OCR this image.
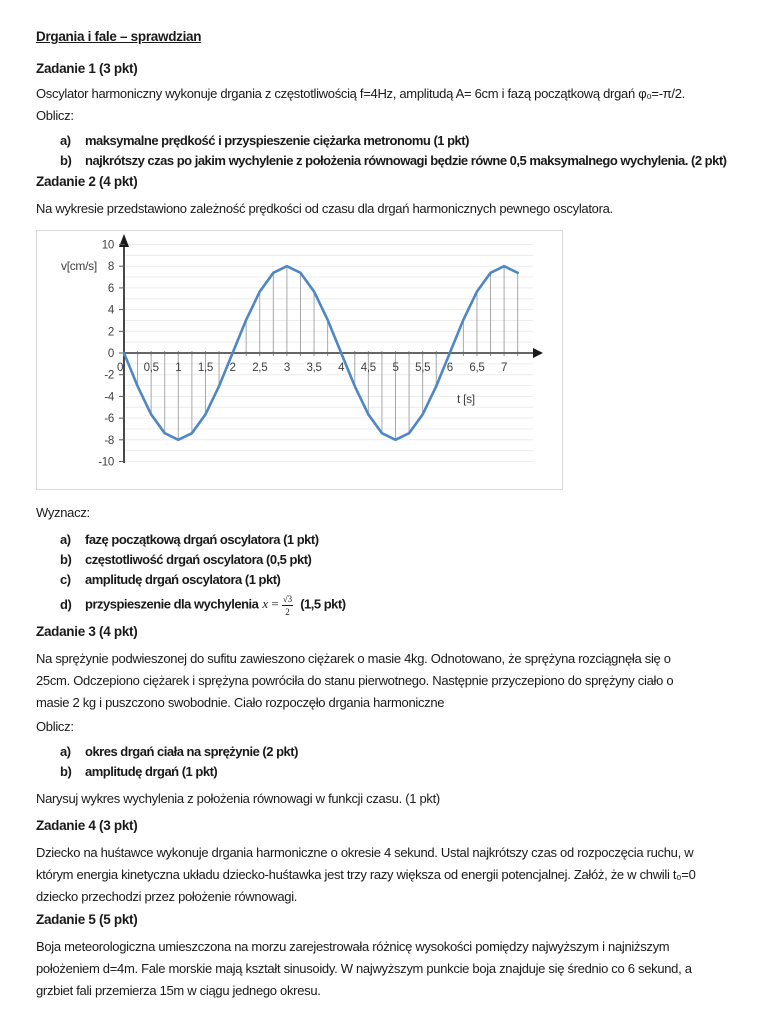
Drgania i fale – sprawdzian
Zadanie 1 (3 pkt)
Oscylator harmoniczny wykonuje drgania z częstotliwością f=4Hz, amplitudą A= 6cm i fazą początkową drgań φ₀=-π/2.
Oblicz:
a)	maksymalne prędkość i przyspieszenie ciężarka metronomu (1 pkt)
b)	najkrótszy czas po jakim wychylenie z położenia równowagi będzie równe 0,5 maksymalnego wychylenia. (2 pkt)
Zadanie 2 (4 pkt)
Na wykresie przedstawiono zależność prędkości od czasu dla drgań harmonicznych pewnego oscylatora.
10
8
6
4
2
0
-2
-4
-6
-8
-10
0 0,5 1 1,5 2 2,5 3 3,5 4 4,5 5 5,5 6 6,5 7
v[cm/s]
t [s]
Wyznacz:
a)	fazę początkową drgań oscylatora (1 pkt)
b)	częstotliwość drgań oscylatora (0,5 pkt)
c)	amplitudę drgań oscylatora (1 pkt)
d)	przyspieszenie dla wychylenia $x = \frac{√3}{2} (1,5$ pkt)
Zadanie 3 (4 pkt)
Na sprężynie podwieszonej do sufitu zawieszono ciężarek o masie 4kg. Odnotowano, że sprężyna rozciągnęła się o
25cm. Odczepiono ciężarek i sprężyna powróciła do stanu pierwotnego. Następnie przyczepiono do sprężyny ciało o
masie 2 kg i puszczono swobodnie. Ciało rozpoczęło drgania harmoniczne
Oblicz:
a)	okres drgań ciała na sprężynie (2 pkt)
b)	amplitudę drgań (1 pkt)
Narysuj wykres wychylenia z położenia równowagi w funkcji czasu. (1 pkt)
Zadanie 4 (3 pkt)
Dziecko na huśtawce wykonuje drgania harmoniczne o okresie 4 sekund. Ustal najkrótszy czas od rozpoczęcia ruchu, w
którym energia kinetyczna układu dziecko-huśtawka jest trzy razy większa od energii potencjalnej. Załóż, że w chwili t₀=0
dziecko przechodzi przez położenie równowagi.
Zadanie 5 (5 pkt)
Boja meteorologiczna umieszczona na morzu zarejestrowała różnicę wysokości pomiędzy najwyższym i najniższym
położeniem d=4m. Fale morskie mają kształt sinusoidy. W najwyższym punkcie boja znajduje się średnio co 6 sekund, a
grzbiet fali przemierza 15m w ciągu jednego okresu.
